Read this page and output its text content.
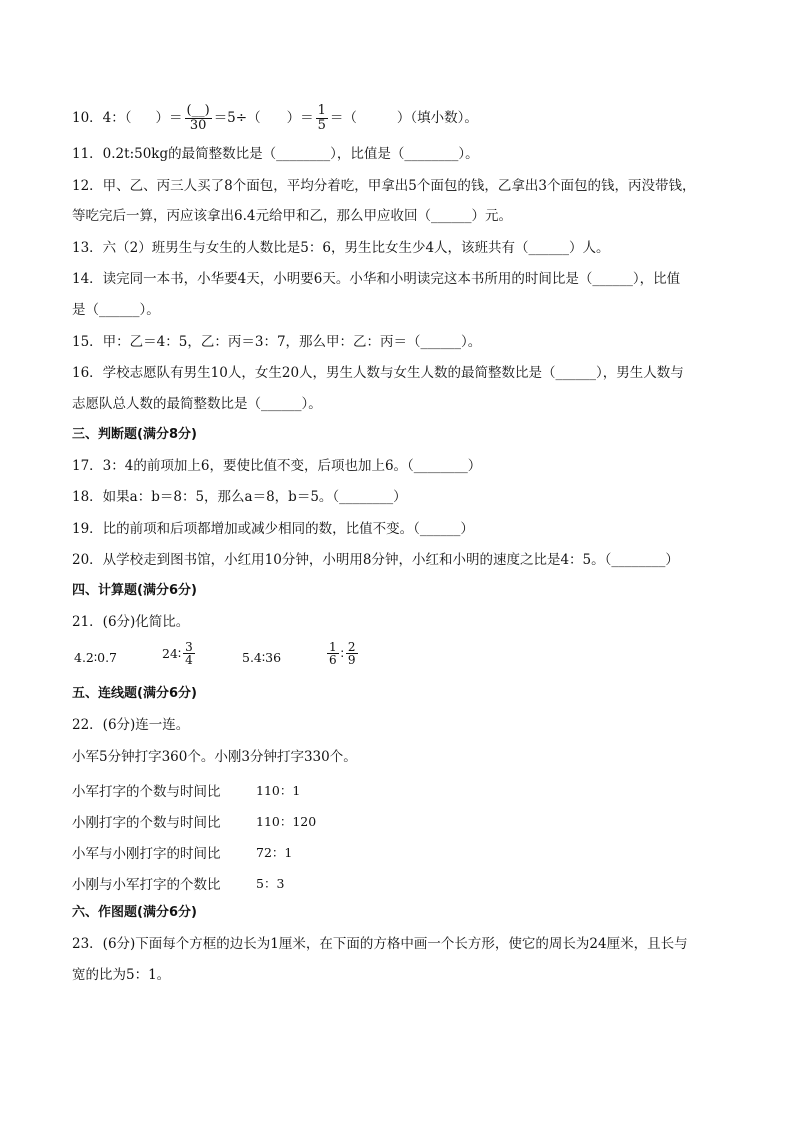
10．4：（ ）＝ $\frac{(\_\_)}{30} =5\div$（ ）＝ $\frac{1}{5}$ ＝（	）（填小数）。
11．0.2t:50kg的最简整数比是（________），比值是（________）。
12．甲、乙、丙三人买了8个面包，平均分着吃，甲拿出5个面包的钱，乙拿出3个面包的钱，丙没带钱，
等吃完后一算，丙应该拿出6.4元给甲和乙，那么甲应收回（______）元。
13．六（2）班男生与女生的人数比是5：6，男生比女生少4人，该班共有（______）人。
14．读完同一本书，小华要4天，小明要6天。小华和小明读完这本书所用的时间比是（______），比值
是（______）。
15．甲：乙＝4：5，乙：丙＝3：7，那么甲：乙：丙＝（______）。
16．学校志愿队有男生10人，女生20人，男生人数与女生人数的最简整数比是（______），男生人数与
志愿队总人数的最简整数比是（______）。
三、判断题(满分8分)
17．3：4的前项加上6，要使比值不变，后项也加上6。（________）
18．如果a：b＝8：5，那么a＝8，b＝5。（________）
19．比的前项和后项都增加或减少相同的数，比值不变。（______）
20．从学校走到图书馆，小红用10分钟，小明用8分钟，小红和小明的速度之比是4：5。（________）
四、计算题(满分6分)
21．(6分)化简比。
4.2∶0.7	24∶ $\frac{3}{4}$	5.4∶36	$\frac{1}{6}$ ∶ $\frac{2}{9}$
五、连线题(满分6分)
22．(6分)连一连。
小军5分钟打字360个。小刚3分钟打字330个。
小军打字的个数与时间比	110：1
小刚打字的个数与时间比	110：120
小军与小刚打字的时间比	72：1
小刚与小军打字的个数比	5：3
六、作图题(满分6分)
23．(6分)下面每个方框的边长为1厘米，在下面的方格中画一个长方形，使它的周长为24厘米，且长与
宽的比为5：1。
